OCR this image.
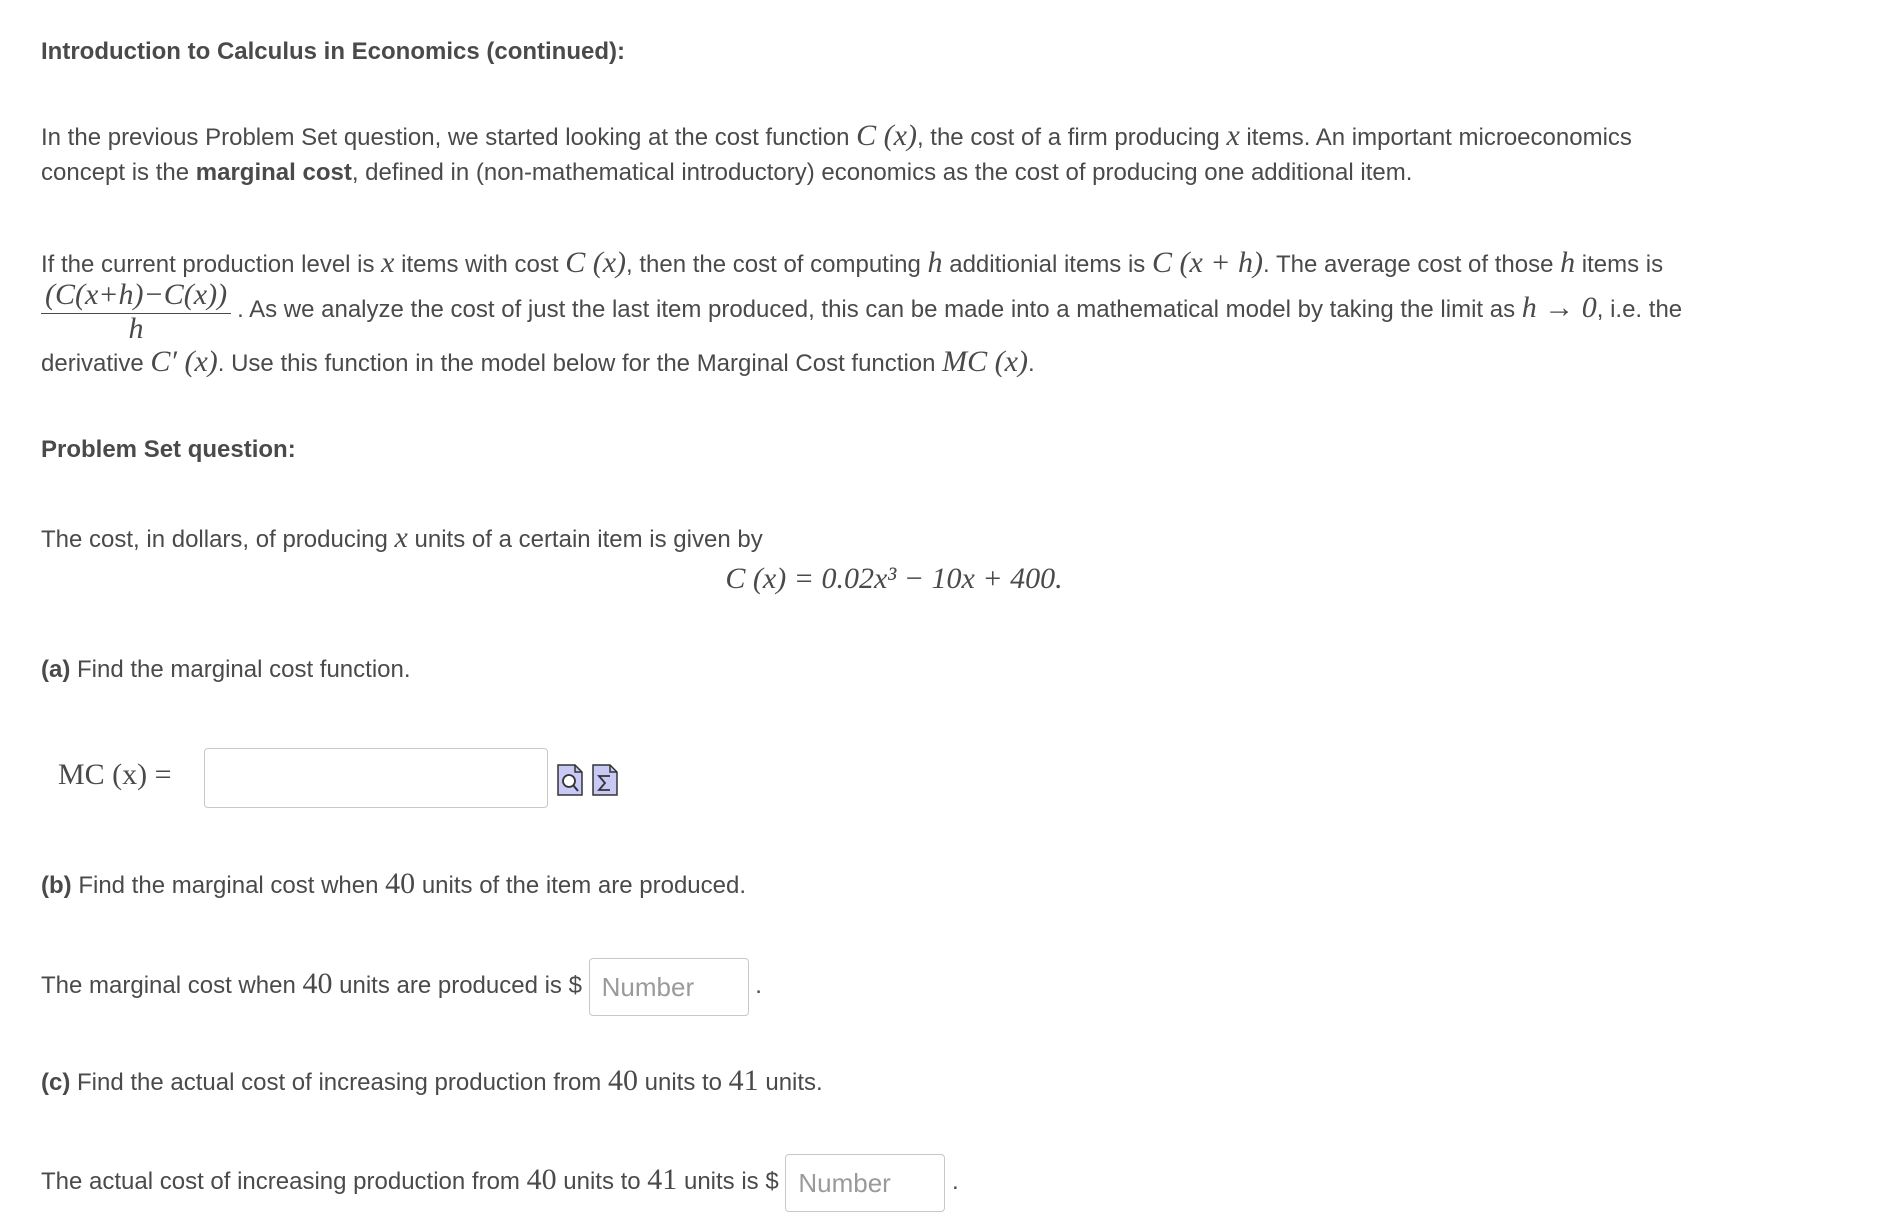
Introduction to Calculus in Economics (continued):
In the previous Problem Set question, we started looking at the cost function C (x), the cost of a firm producing x items. An important microeconomics
concept is the marginal cost, defined in (non-mathematical introductory) economics as the cost of producing one additional item.
If the current production level is x items with cost C (x), then the cost of computing h additionial items is C (x + h). The average cost of those h items is
$\frac{(C(x+h)-C(x))}{h}$ . As we analyze the cost of just the last item produced, this can be made into a mathematical model by taking the limit as h → 0, i.e. the
derivative C′ (x). Use this function in the model below for the Marginal Cost function MC (x).
Problem Set question:
The cost, in dollars, of producing x units of a certain item is given by
C (x) = 0.02x³ − 10x + 400.
(a) Find the marginal cost function.
MC (x) =
(b) Find the marginal cost when 40 units of the item are produced.
The marginal cost when 40 units are produced is $ Number	.
(c) Find the actual cost of increasing production from 40 units to 41 units.
The actual cost of increasing production from 40 units to 41 units is $ Number	.
